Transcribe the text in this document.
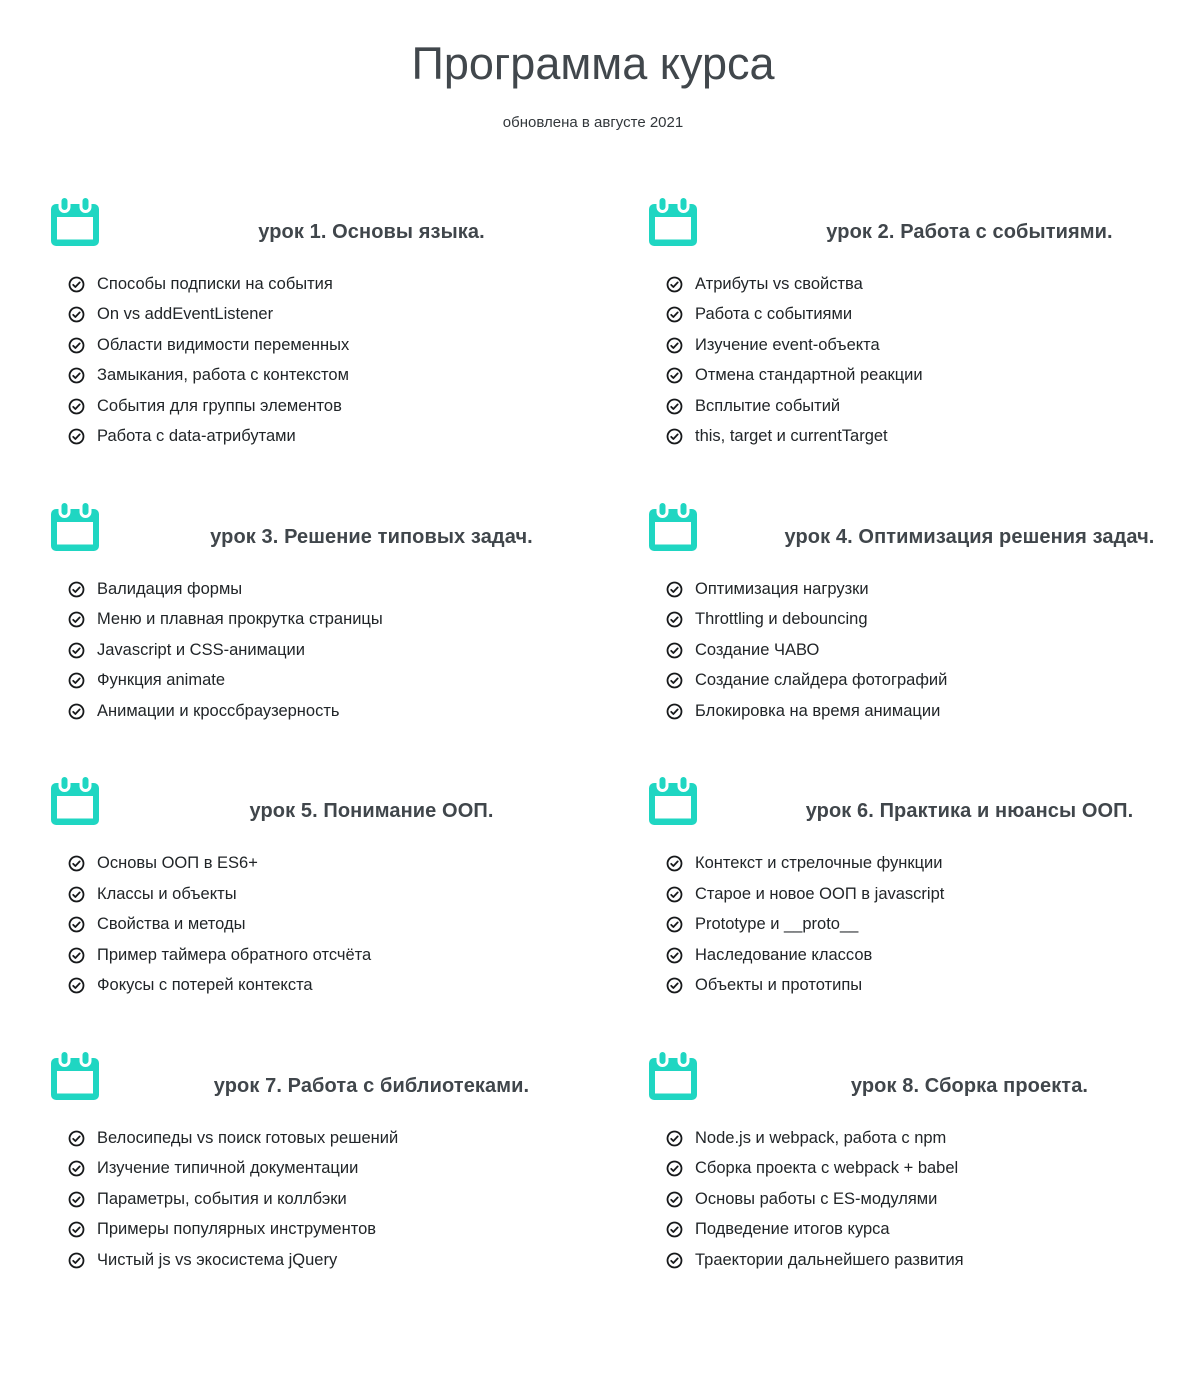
Программа курса
обновлена в августе 2021
урок 1. Основы языка.
Способы подписки на события
On vs addEventListener
Области видимости переменных
Замыкания, работа с контекстом
События для группы элементов
Работа с data-атрибутами
урок 2. Работа с событиями.
Атрибуты vs свойства
Работа с событиями
Изучение event-объекта
Отмена стандартной реакции
Всплытие событий
this, target и currentTarget
урок 3. Решение типовых задач.
Валидация формы
Меню и плавная прокрутка страницы
Javascript и CSS-анимации
Функция animate
Анимации и кроссбраузерность
урок 4. Оптимизация решения задач.
Оптимизация нагрузки
Throttling и debouncing
Создание ЧАВО
Создание слайдера фотографий
Блокировка на время анимации
урок 5. Понимание ООП.
Основы ООП в ES6+
Классы и объекты
Свойства и методы
Пример таймера обратного отсчёта
Фокусы с потерей контекста
урок 6. Практика и нюансы ООП.
Контекст и стрелочные функции
Старое и новое ООП в javascript
Prototype и __proto__
Наследование классов
Объекты и прототипы
урок 7. Работа с библиотеками.
Велосипеды vs поиск готовых решений
Изучение типичной документации
Параметры, события и коллбэки
Примеры популярных инструментов
Чистый js vs экосистема jQuery
урок 8. Сборка проекта.
Node.js и webpack, работа с npm
Сборка проекта с webpack + babel
Основы работы с ES-модулями
Подведение итогов курса
Траектории дальнейшего развития
